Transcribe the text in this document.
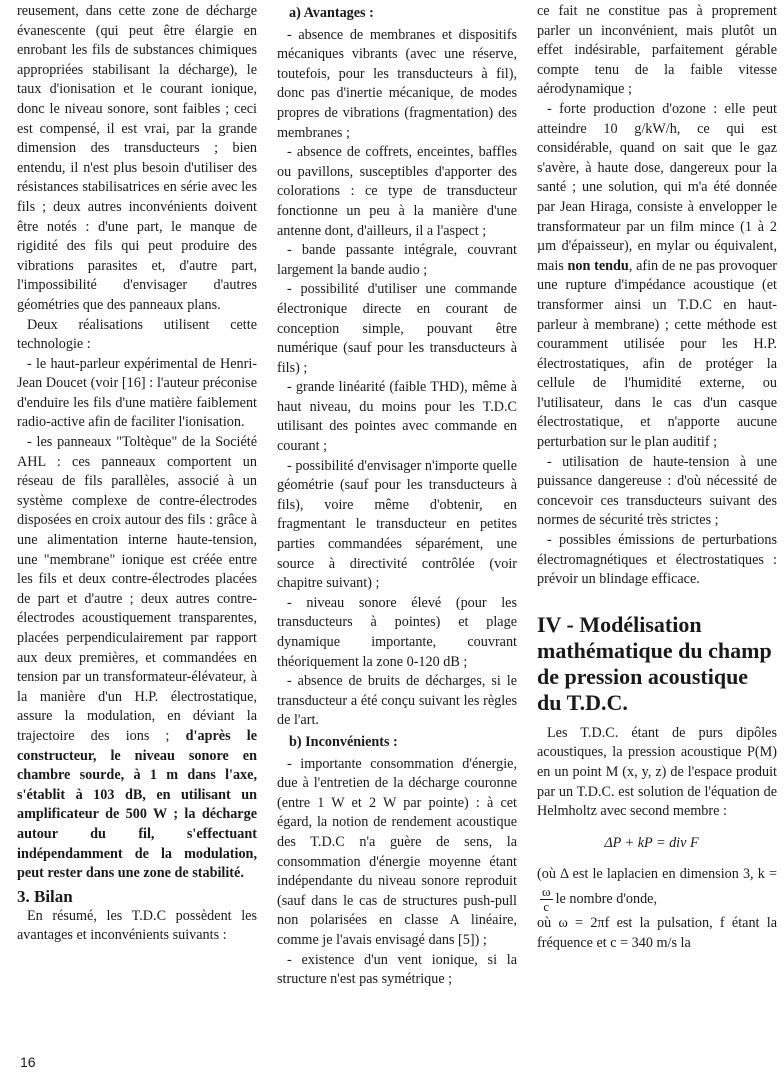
reusement, dans cette zone de décharge évanescente (qui peut être élargie en enrobant les fils de substances chimiques appropriées stabilisant la décharge), le taux d'ionisation et le courant ionique, donc le niveau sonore, sont faibles ; ceci est compensé, il est vrai, par la grande dimension des transducteurs ; bien entendu, il n'est plus besoin d'utiliser des résistances stabilisatrices en série avec les fils ; deux autres inconvénients doivent être notés : d'une part, le manque de rigidité des fils qui peut produire des vibrations parasites et, d'autre part, l'impossibilité d'envisager d'autres géométries que des panneaux plans.

Deux réalisations utilisent cette technologie :

- le haut-parleur expérimental de Henri-Jean Doucet (voir [16] : l'auteur préconise d'enduire les fils d'une matière faiblement radio-active afin de faciliter l'ionisation.

- les panneaux "Toltèque" de la Société AHL : ces panneaux comportent un réseau de fils parallèles, associé à un système complexe de contre-électrodes disposées en croix autour des fils : grâce à une alimentation interne haute-tension, une "membrane" ionique est créée entre les fils et deux contre-électrodes placées de part et d'autre ; deux autres contre-électrodes acoustiquement transparentes, placées perpendiculairement par rapport aux deux premières, et commandées en tension par un transformateur-élévateur, à la manière d'un H.P. électrostatique, assure la modulation, en déviant la trajectoire des ions ; d'après le constructeur, le niveau sonore en chambre sourde, à 1 m dans l'axe, s'établit à 103 dB, en utilisant un amplificateur de 500 W ; la décharge autour du fil, s'effectuant indépendamment de la modulation, peut rester dans une zone de stabilité.

3. Bilan

En résumé, les T.D.C possèdent les avantages et inconvénients suivants :

a) Avantages :

- absence de membranes et dispositifs mécaniques vibrants (avec une réserve, toutefois, pour les transducteurs à fil), donc pas d'inertie mécanique, de modes propres de vibrations (fragmentation) des membranes ;

- absence de coffrets, enceintes, baffles ou pavillons, susceptibles d'apporter des colorations : ce type de transducteur fonctionne un peu à la manière d'une antenne dont, d'ailleurs, il a l'aspect ;

- bande passante intégrale, couvrant largement la bande audio ;

- possibilité d'utiliser une commande électronique directe en courant de conception simple, pouvant être numérique (sauf pour les transducteurs à fils) ;

- grande linéarité (faible THD), même à haut niveau, du moins pour les T.D.C utilisant des pointes avec commande en courant ;

- possibilité d'envisager n'importe quelle géométrie (sauf pour les transducteurs à fils), voire même d'obtenir, en fragmentant le transducteur en petites parties commandées séparément, une source à directivité contrôlée (voir chapitre suivant) ;

- niveau sonore élevé (pour les transducteurs à pointes) et plage dynamique importante, couvrant théoriquement la zone 0-120 dB ;

- absence de bruits de décharges, si le transducteur a été conçu suivant les règles de l'art.

b) Inconvénients :

- importante consommation d'énergie, due à l'entretien de la décharge couronne (entre 1 W et 2 W par pointe) : à cet égard, la notion de rendement acoustique des T.D.C n'a guère de sens, la consommation d'énergie moyenne étant indépendante du niveau sonore reproduit (sauf dans le cas de structures push-pull non polarisées en classe A linéaire, comme je l'avais envisagé dans [5]) ;

- existence d'un vent ionique, si la structure n'est pas symétrique ;

ce fait ne constitue pas à proprement parler un inconvénient, mais plutôt un effet indésirable, parfaitement gérable compte tenu de la faible vitesse aérodynamique ;

- forte production d'ozone : elle peut atteindre 10 g/kW/h, ce qui est considérable, quand on sait que le gaz s'avère, à haute dose, dangereux pour la santé ; une solution, qui m'a été donnée par Jean Hiraga, consiste à envelopper le transformateur par un film mince (1 à 2 µm d'épaisseur), en mylar ou équivalent, mais non tendu, afin de ne pas provoquer une rupture d'impédance acoustique (et transformer ainsi un T.D.C en haut-parleur à membrane) ; cette méthode est couramment utilisée pour les H.P. électrostatiques, afin de protéger la cellule de l'humidité externe, ou l'utilisateur, dans le cas d'un casque électrostatique, et n'apporte aucune perturbation sur le plan auditif ;

- utilisation de haute-tension à une puissance dangereuse : d'où nécessité de concevoir ces transducteurs suivant des normes de sécurité très strictes ;

- possibles émissions de perturbations électromagnétiques et électrostatiques : prévoir un blindage efficace.

IV - Modélisation mathématique du champ de pression acoustique du T.D.C.

Les T.D.C. étant de purs dipôles acoustiques, la pression acoustique P(M) en un point M (x, y, z) de l'espace produit par un T.D.C. est solution de l'équation de Helmholtz avec second membre :

ΔP + kP = div F⃗

(où Δ est le laplacien en dimension 3, k =
$\frac{\omega}{c}$ le nombre d'onde,

où ω = 2πf est la pulsation, f étant la fréquence et c = 340 m/s la

16
